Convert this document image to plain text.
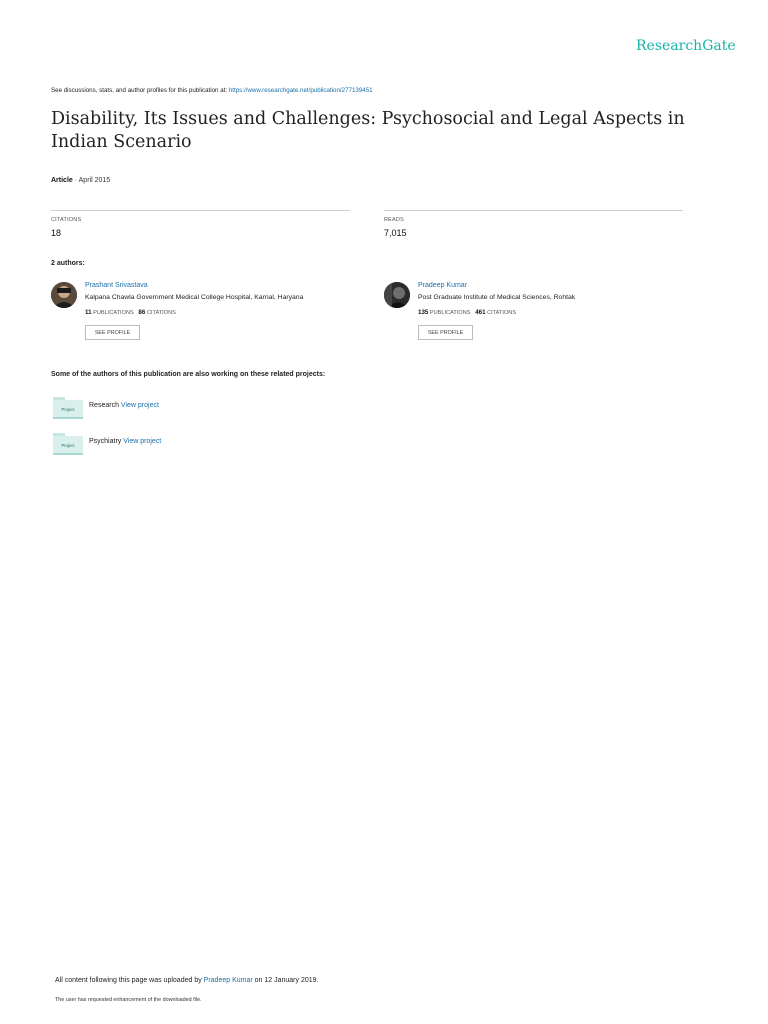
ResearchGate
See discussions, stats, and author profiles for this publication at: https://www.researchgate.net/publication/277139451
Disability, Its Issues and Challenges: Psychosocial and Legal Aspects in Indian Scenario
Article · April 2015
CITATIONS
18
READS
7,015
2 authors:
Prashant Srivastava
Kalpana Chawla Government Medical College Hospital, Karnal, Haryana
11 PUBLICATIONS 86 CITATIONS
SEE PROFILE
Pradeep Kumar
Post Graduate Institute of Medical Sciences, Rohtak
135 PUBLICATIONS 461 CITATIONS
SEE PROFILE
Some of the authors of this publication are also working on these related projects:
Project
Research View project
Project
Psychiatry View project
All content following this page was uploaded by Pradeep Kumar on 12 January 2019.
The user has requested enhancement of the downloaded file.
